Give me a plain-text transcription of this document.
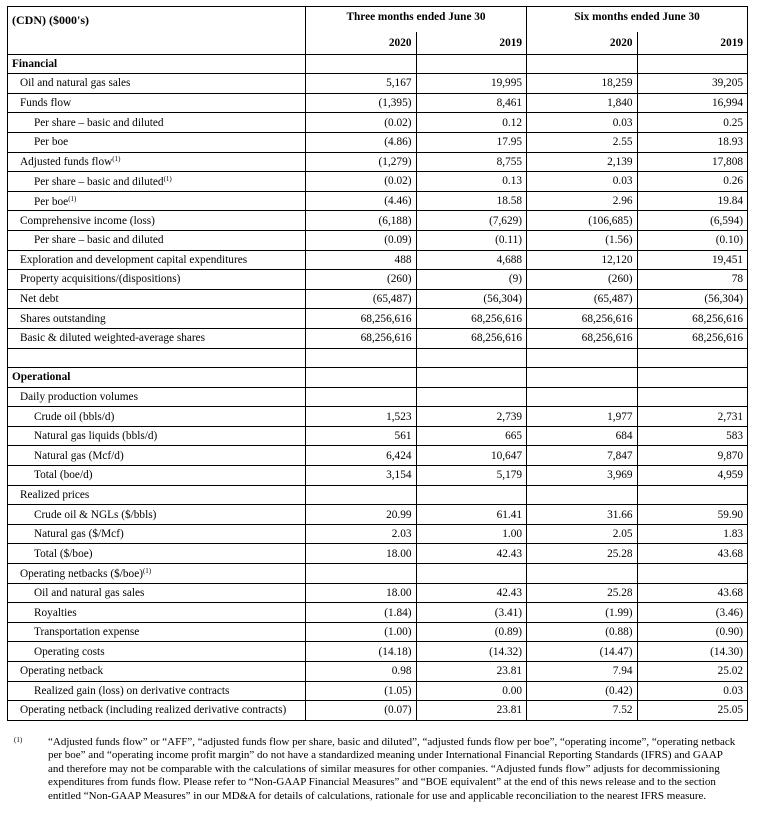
(CDN) ($000's)	Three months ended June 30		Six months ended June 30	
	2020	2019	2020	2019
Financial				
Oil and natural gas sales	5,167	19,995	18,259	39,205
Funds flow	(1,395)	8,461	1,840	16,994
Per share – basic and diluted	(0.02)	0.12	0.03	0.25
Per boe	(4.86)	17.95	2.55	18.93
Adjusted funds flow$^{(1)}$	(1,279)	8,755	2,139	17,808
Per share – basic and diluted$^{(1)}$	(0.02)	0.13	0.03	0.26
Per boe$^{(1)}$	(4.46)	18.58	2.96	19.84
Comprehensive income (loss)	(6,188)	(7,629)	(106,685)	(6,594)
Per share – basic and diluted	(0.09)	(0.11)	(1.56)	(0.10)
Exploration and development capital expenditures	488	4,688	12,120	19,451
Property acquisitions/(dispositions)	(260)	(9)	(260)	78
Net debt	(65,487)	(56,304)	(65,487)	(56,304)
Shares outstanding	68,256,616	68,256,616	68,256,616	68,256,616
Basic & diluted weighted-average shares	68,256,616	68,256,616	68,256,616	68,256,616

Operational				
Daily production volumes				
Crude oil (bbls/d)	1,523	2,739	1,977	2,731
Natural gas liquids (bbls/d)	561	665	684	583
Natural gas (Mcf/d)	6,424	10,647	7,847	9,870
Total (boe/d)	3,154	5,179	3,969	4,959
Realized prices				
Crude oil & NGLs ($/bbls)	20.99	61.41	31.66	59.90
Natural gas ($/Mcf)	2.03	1.00	2.05	1.83
Total ($/boe)	18.00	42.43	25.28	43.68
Operating netbacks ($/boe)$^{(1)}$				
Oil and natural gas sales	18.00	42.43	25.28	43.68
Royalties	(1.84)	(3.41)	(1.99)	(3.46)
Transportation expense	(1.00)	(0.89)	(0.88)	(0.90)
Operating costs	(14.18)	(14.32)	(14.47)	(14.30)
Operating netback	0.98	23.81	7.94	25.02
Realized gain (loss) on derivative contracts	(1.05)	0.00	(0.42)	0.03
Operating netback (including realized derivative contracts)	(0.07)	23.81	7.52	25.05
(1) “Adjusted funds flow” or “AFF”, “adjusted funds flow per share, basic and diluted”, “adjusted funds flow per boe”, “operating income”, “operating netback per boe” and “operating income profit margin” do not have a standardized meaning under International Financial Reporting Standards (IFRS) and GAAP and therefore may not be comparable with the calculations of similar measures for other companies. “Adjusted funds flow” adjusts for decommissioning expenditures from funds flow. Please refer to “Non-GAAP Financial Measures” and “BOE equivalent” at the end of this news release and to the section entitled “Non-GAAP Measures” in our MD&A for details of calculations, rationale for use and applicable reconciliation to the nearest IFRS measure.
